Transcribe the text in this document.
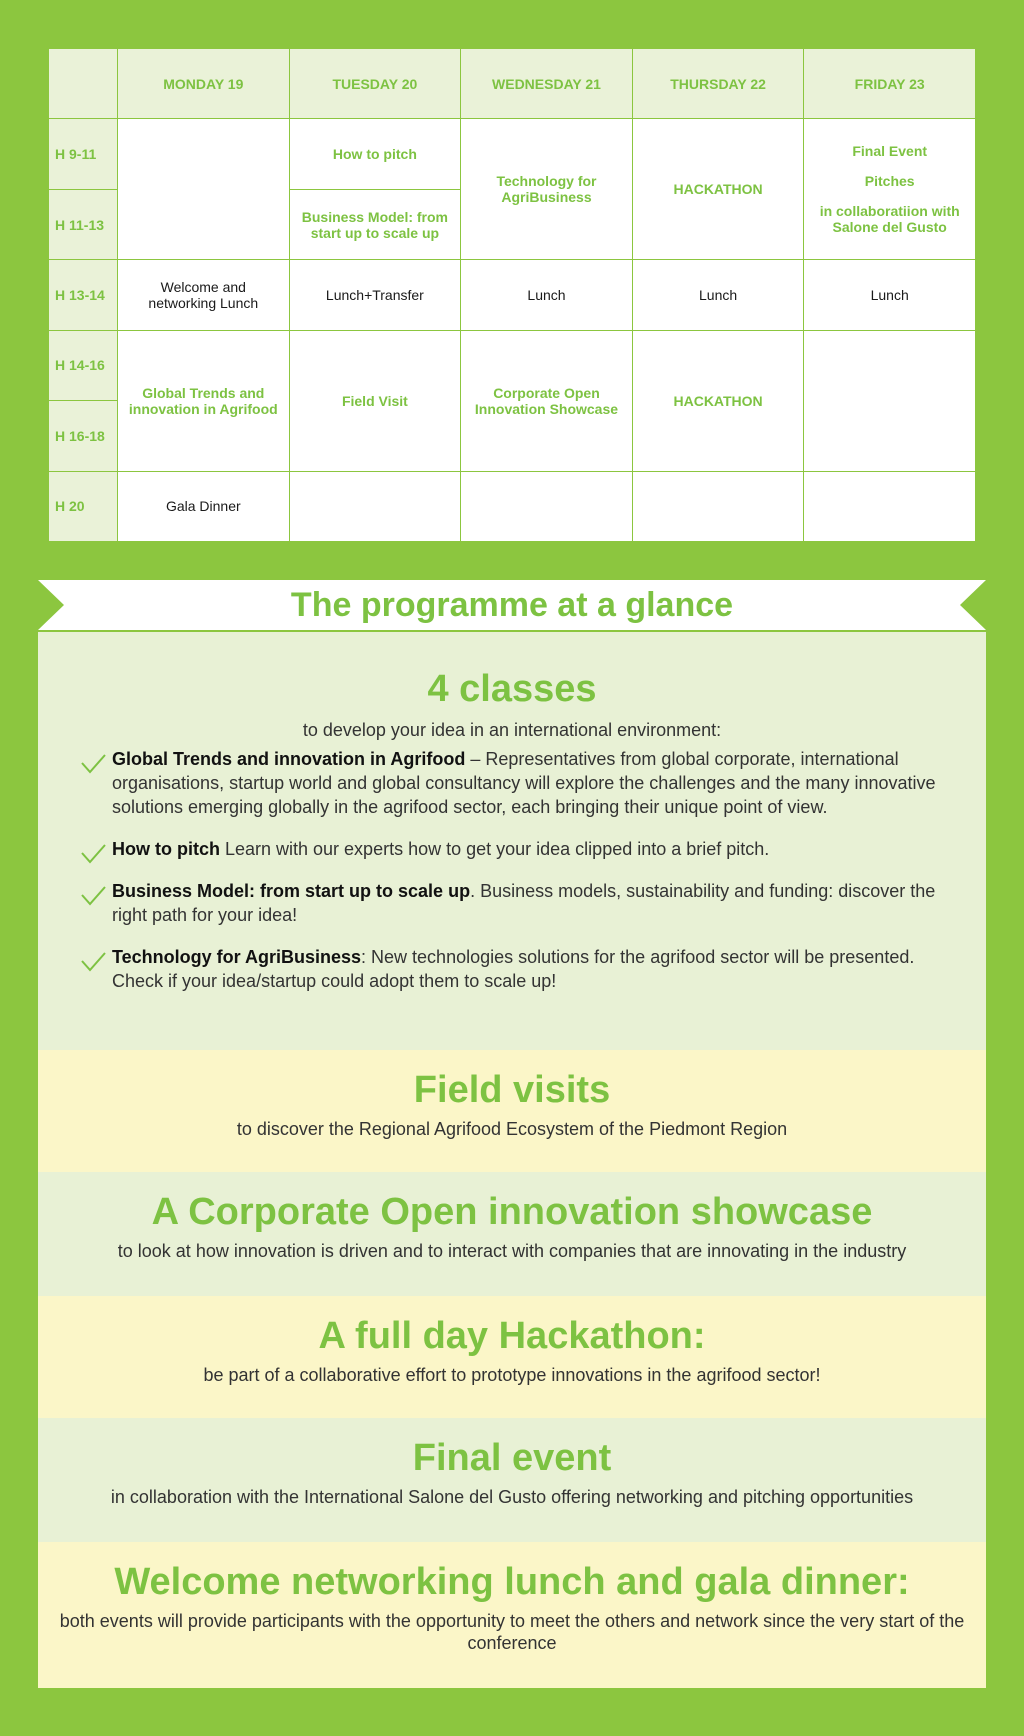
	MONDAY 19	TUESDAY 20	WEDNESDAY 21	THURSDAY 22	FRIDAY 23
H 9-11		How to pitch	Technology for AgriBusiness	HACKATHON	Final Event
Pitches
in collaboratiion with Salone del Gusto

H 11-13		Business Model: from start up to scale up			
H 13-14	Welcome and networking Lunch	Lunch+Transfer	Lunch	Lunch	Lunch
H 14-16	Global Trends and innovation in Agrifood	Field Visit	Corporate Open Innovation Showcase	HACKATHON	
H 16-18					
H 20	Gala Dinner				
The programme at a glance
4 classes

to develop your idea in an international environment:

Global Trends and innovation in Agrifood – Representatives from global corporate, international organisations, startup world and global consultancy will explore the challenges and the many innovative solutions emerging globally in the agrifood sector, each bringing their unique point of view.
How to pitch Learn with our experts how to get your idea clipped into a brief pitch.
Business Model: from start up to scale up. Business models, sustainability and funding: discover the right path for your idea!
Technology for AgriBusiness: New technologies solutions for the agrifood sector will be presented. Check if your idea/startup could adopt them to scale up!
Field visits

to discover the Regional Agrifood Ecosystem of the Piedmont Region

A Corporate Open innovation showcase

to look at how innovation is driven and to interact with companies that are innovating in the industry

A full day Hackathon:

be part of a collaborative effort to prototype innovations in the agrifood sector!

Final event

in collaboration with the International Salone del Gusto offering networking and pitching opportunities

Welcome networking lunch and gala dinner:

both events will provide participants with the opportunity to meet the others and network since the very start of the conference
